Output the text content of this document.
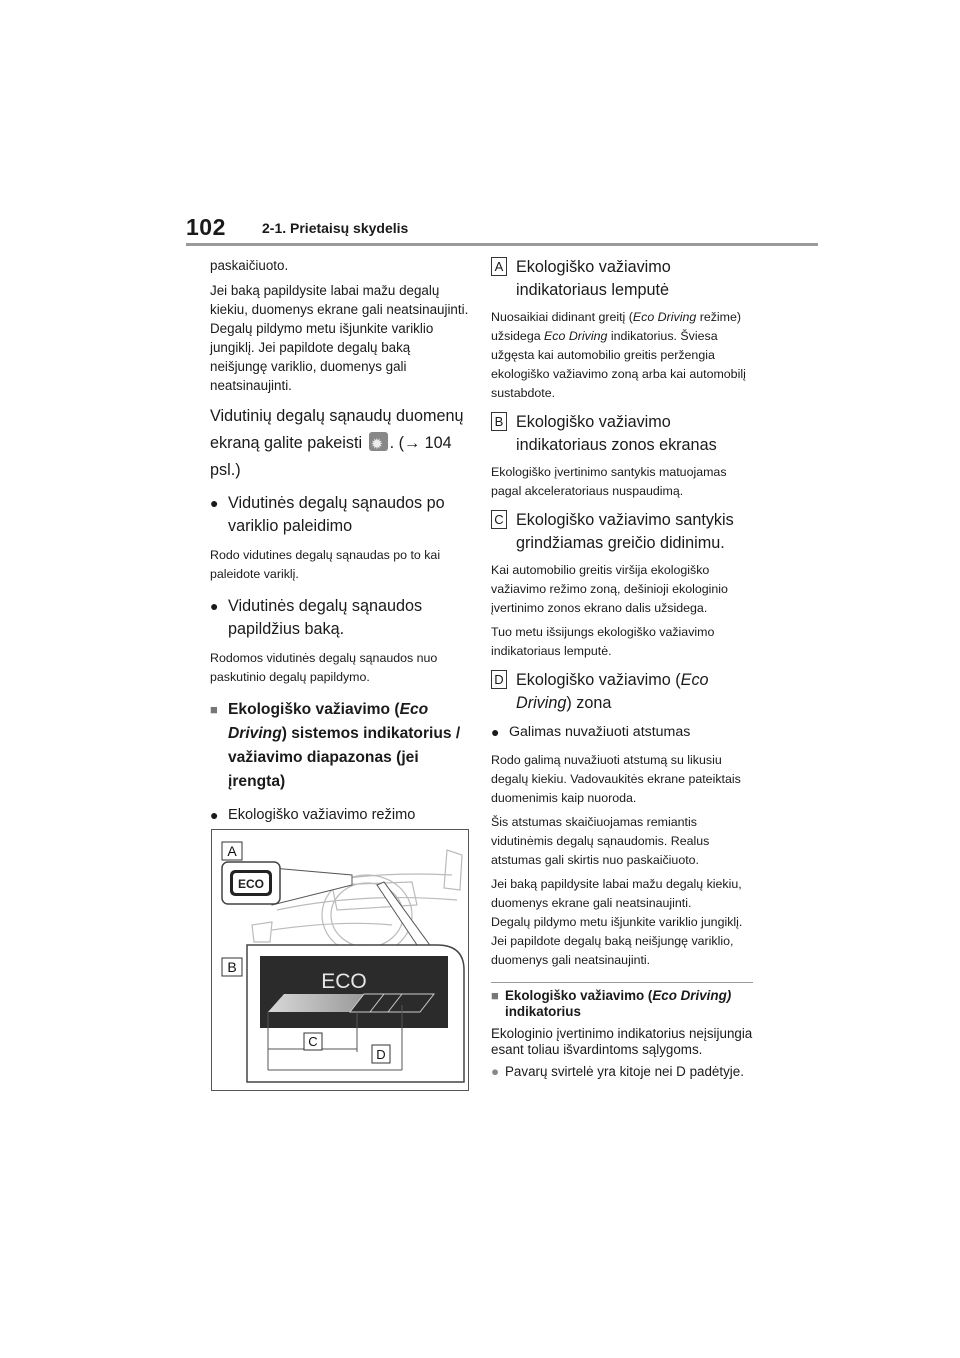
102	2-1. Prietaisų skydelis

paskaičiuoto.

Jei baką papildysite labai mažu degalų kiekiu, duomenys ekrane gali neatsinaujinti.

Degalų pildymo metu išjunkite variklio jungiklį. Jei papildote degalų baką neišjungę variklio, duomenys gali neatsinaujinti.

Vidutinių degalų sąnaudų duomenų ekraną galite pakeisti ✹ . (→ 104 psl.)

● Vidutinės degalų sąnaudos po variklio paleidimo

Rodo vidutines degalų sąnaudas po to kai paleidote variklį.

● Vidutinės degalų sąnaudos papildžius baką.

Rodomos vidutinės degalų sąnaudos nuo paskutinio degalų papildymo.

■ Ekologiško važiavimo (Eco Driving) sistemos indikatorius / važiavimo diapazonas (jei įrengta)
● Ekologiško važiavimo režimo
A
ECO
B
ECO
C
D
A Ekologiško važiavimo indikatoriaus lemputė

Nuosaikiai didinant greitį (Eco Driving režime) užsidega Eco Driving indikatorius. Šviesa užgęsta kai automobilio greitis peržengia ekologiško važiavimo zoną arba kai automobilį sustabdote.

B Ekologiško važiavimo indikatoriaus zonos ekranas

Ekologiško įvertinimo santykis matuojamas pagal akceleratoriaus nuspaudimą.

C Ekologiško važiavimo santykis grindžiamas greičio didinimu.

Kai automobilio greitis viršija ekologiško važiavimo režimo zoną, dešinioji ekologinio įvertinimo zonos ekrano dalis užsidega.

Tuo metu išsijungs ekologiško važiavimo indikatoriaus lemputė.

D Ekologiško važiavimo (Eco Driving) zona
● Galimas nuvažiuoti atstumas

Rodo galimą nuvažiuoti atstumą su likusiu degalų kiekiu. Vadovaukitės ekrane pateiktais duomenimis kaip nuoroda.

Šis atstumas skaičiuojamas remiantis vidutinėmis degalų sąnaudomis. Realus atstumas gali skirtis nuo paskaičiuoto.

Jei baką papildysite labai mažu degalų kiekiu, duomenys ekrane gali neatsinaujinti.

Degalų pildymo metu išjunkite variklio jungiklį. Jei papildote degalų baką neišjungę variklio, duomenys gali neatsinaujinti.

■ Ekologiško važiavimo (Eco Driving) indikatorius

Ekologinio įvertinimo indikatorius neįsijungia esant toliau išvardintoms sąlygoms.

● Pavarų svirtelė yra kitoje nei D padėtyje.
